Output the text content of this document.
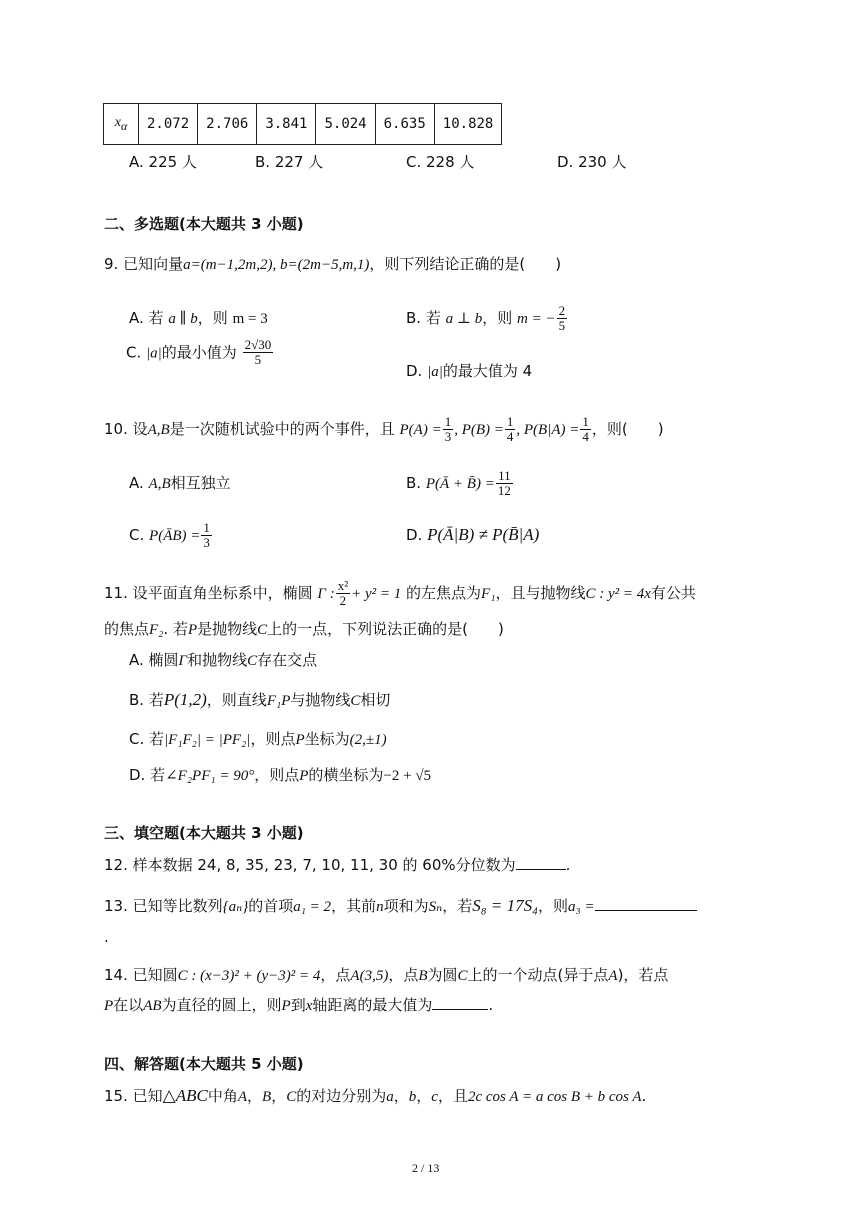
$x_\alpha$	2.072	2.706	3.841	5.024	6.635	10.828
A. 225 人	B. 227 人	C. 228 人	D. 230 人
二、多选题(本大题共 3 小题)
9. 已知向量a=(m−1,2m,2), b=(2m−5,m,1)，则下列结论正确的是(　　)
A. 若 a ∥ b，则 m = 3	B. 若 a ⊥ b，则 m = − $\frac{2}{5}$
C. |a|的最小值为 $\frac{2√30}{5}$
D. |a|的最大值为 4
10. 设A,B是一次随机试验中的两个事件，且 $P(A) = \frac{1}{3}$ , $P(B) = \frac{1}{4}$ , $P(B|A) = \frac{1}{4}$ ，则(　　)
A. A,B相互独立	B. P(Ā + B̄) = $\frac{11}{12}$
C. P(ĀB) = $\frac{1}{3}$	D. P(Ā|B) ≠ P(B̄|A)
11. 设平面直角坐标系中，椭圆 Γ : $\frac{\text{x²}}{2} + y^2 = 1$ 的左焦点为F₁，且与抛物线C : y² = 4x有公共
的焦点F₂. 若P是抛物线C上的一点，下列说法正确的是(　　)
A. 椭圆Γ和抛物线C存在交点
B. 若P(1,2)，则直线F₁P与抛物线C相切
C. 若|F₁F₂| = |PF₂|，则点P坐标为(2,±1)
D. 若∠F₂PF₁ = 90°，则点P的横坐标为−2 + √5
三、填空题(本大题共 3 小题)
12. 样本数据 24, 8, 35, 23, 7, 10, 11, 30 的 60%分位数为	.
13. 已知等比数列{aₙ}的首项a₁ = 2，其前n项和为Sₙ，若S₈ = 17S₄，则a₃ =
.
14. 已知圆C : (x−3)² + (y−3)² = 4，点A(3,5)，点B为圆C上的一个动点(异于点A)，若点
P在以AB为直径的圆上，则P到x轴距离的最大值为	.
四、解答题(本大题共 5 小题)
15. 已知△ABC中角A，B，C的对边分别为a，b，c，且2c cos A = a cos B + b cos A.
2 / 13
